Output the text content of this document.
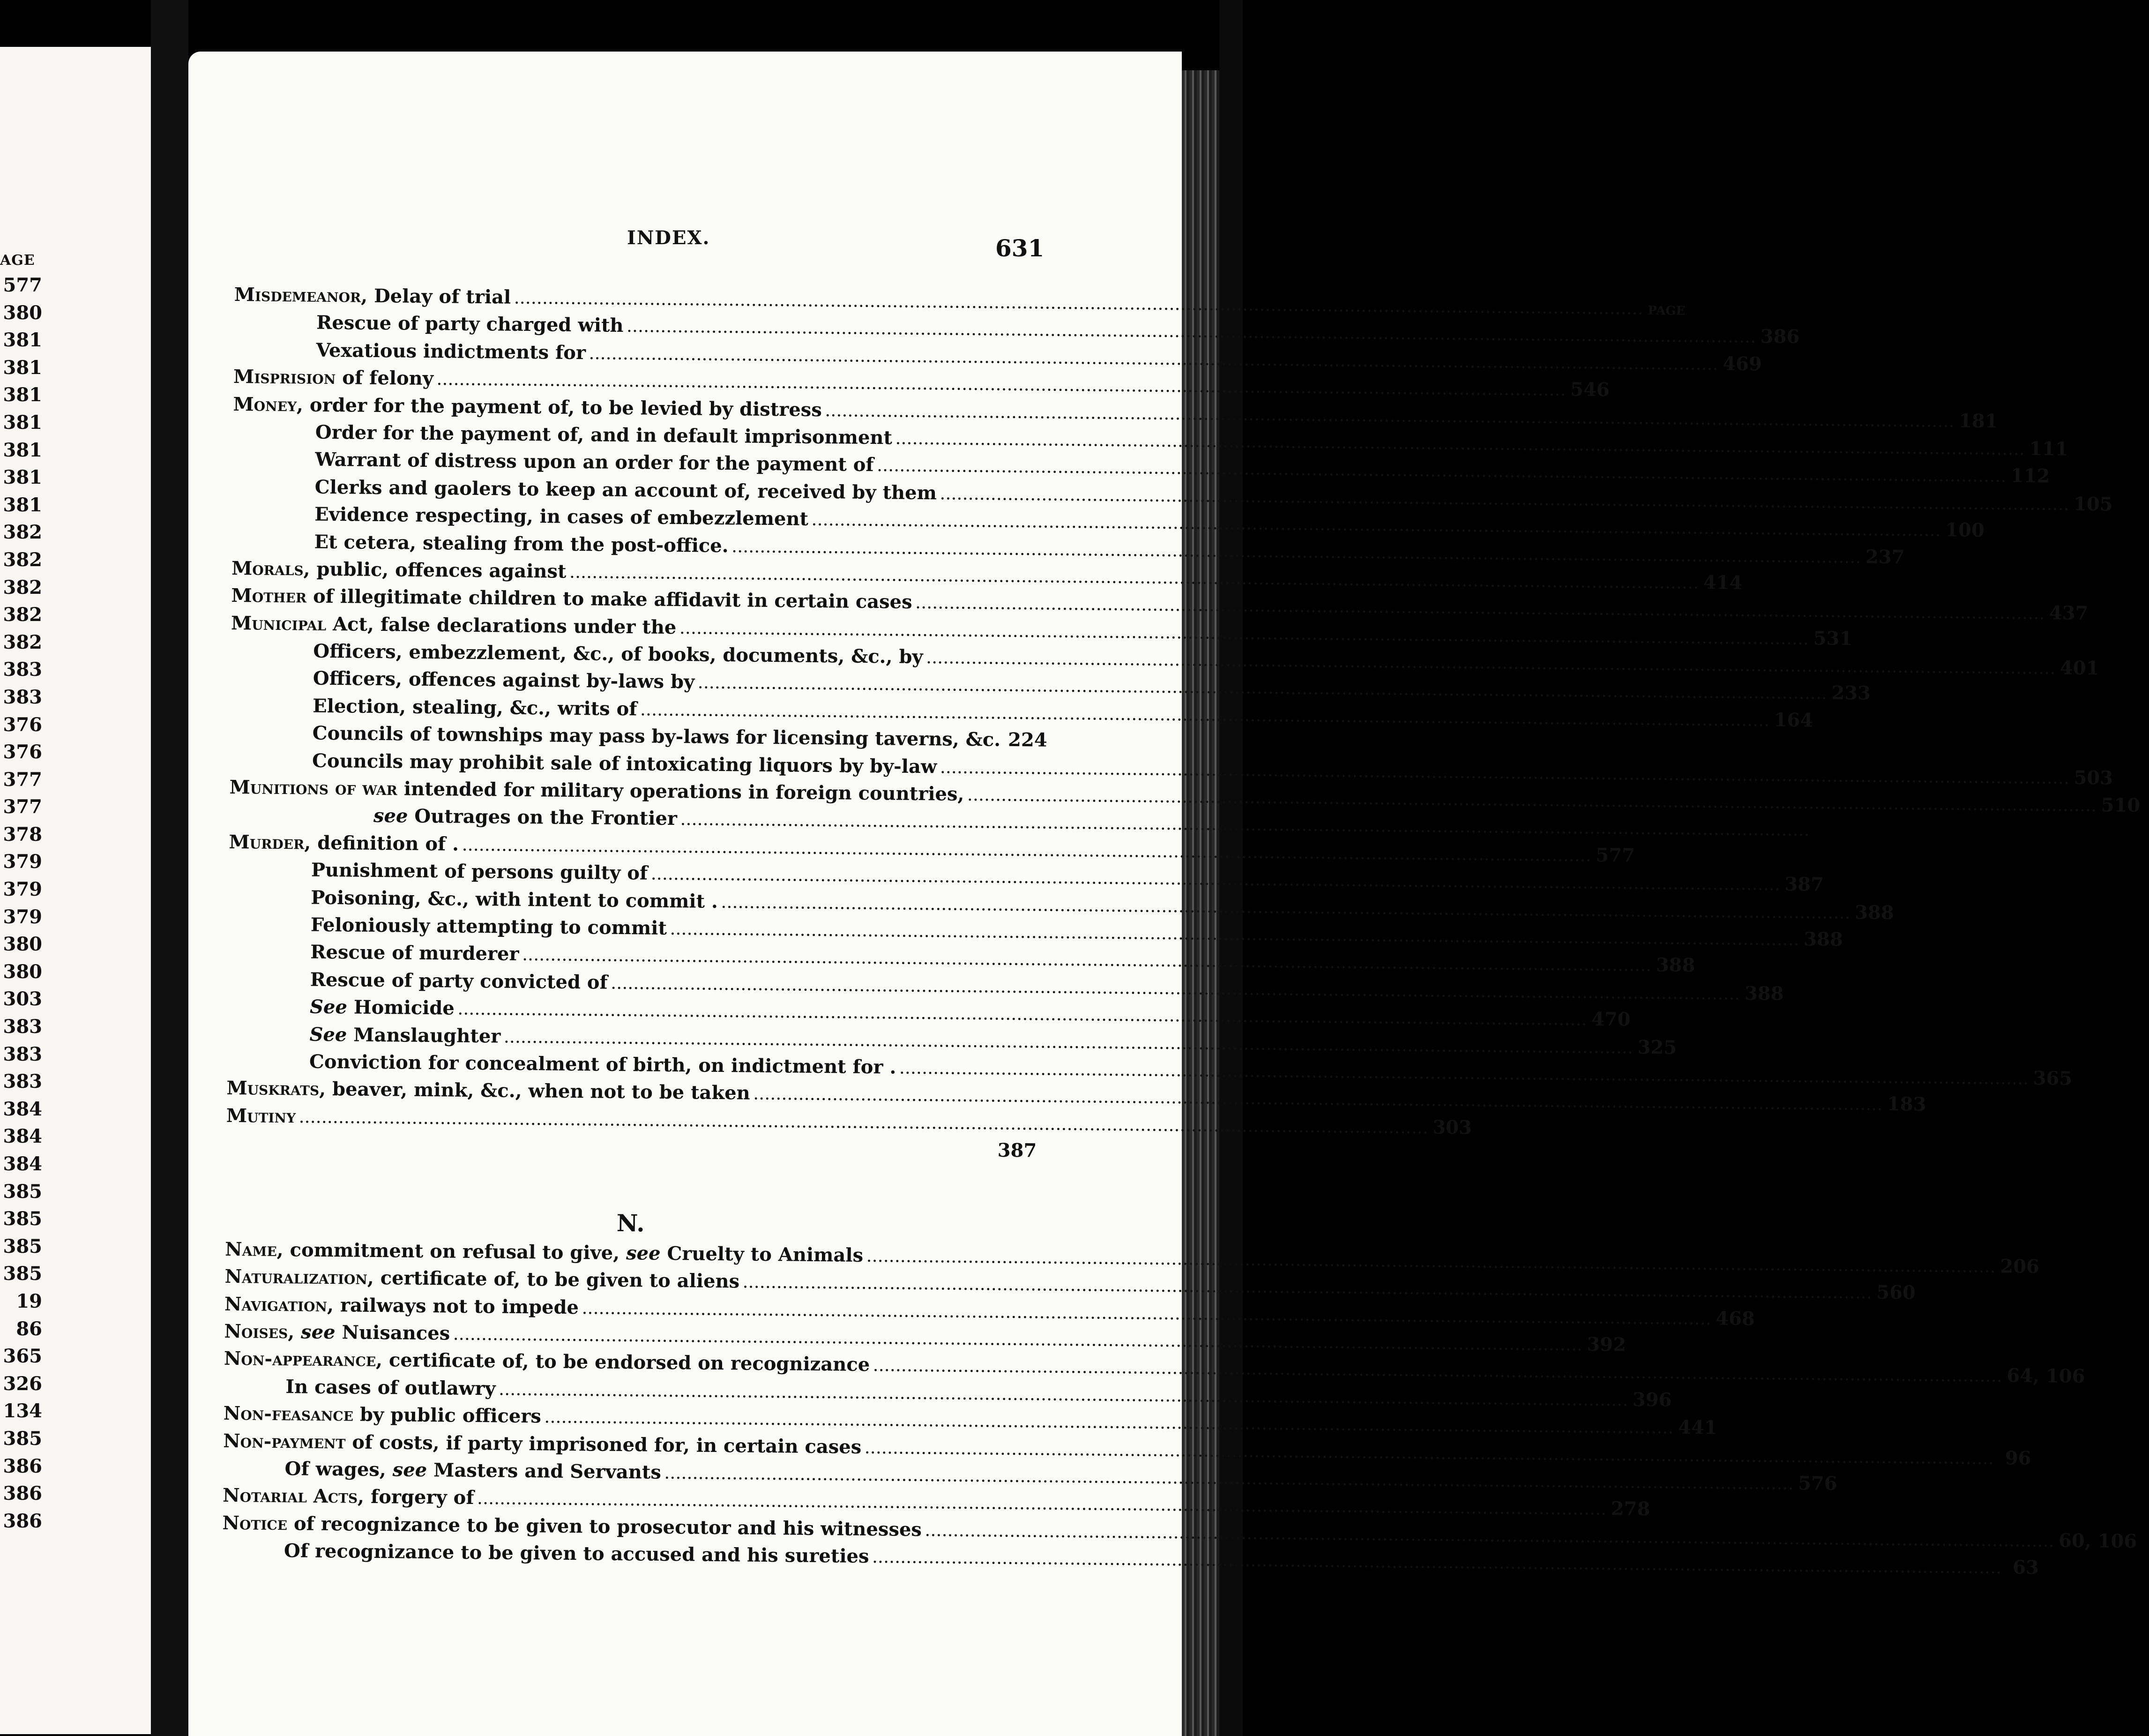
AGE
577
380
381
381
381
381
381
381
381
382
382
382
382
382
383
383
376
376
377
377
378
379
379
379
380
380
303
383
383
383
384
384
384
385
385
385
385
19
86
365
326
134
385
386
386
386
INDEX.	631
Misdemeanor, Delay of trial ........................................................................................................................................................................................................ PAGE
Rescue of party charged with ........................................................................................................................................................................................................ 386
Vexatious indictments for ........................................................................................................................................................................................................ 469
Misprision of felony ........................................................................................................................................................................................................ 546
Money, order for the payment of, to be levied by distress ........................................................................................................................................................................................................ 181
Order for the payment of, and in default imprisonment ........................................................................................................................................................................................................ 111
Warrant of distress upon an order for the payment of ........................................................................................................................................................................................................ 112
Clerks and gaolers to keep an account of, received by them ........................................................................................................................................................................................................ 105
Evidence respecting, in cases of embezzlement ........................................................................................................................................................................................................ 100
Et cetera, stealing from the post-office. ........................................................................................................................................................................................................ 237
Morals, public, offences against ........................................................................................................................................................................................................ 414
Mother of illegitimate children to make affidavit in certain cases ........................................................................................................................................................................................................ 437
Municipal Act, false declarations under the ........................................................................................................................................................................................................ 531
Officers, embezzlement, &c., of books, documents, &c., by ........................................................................................................................................................................................................ 401
Officers, offences against by-laws by ........................................................................................................................................................................................................ 233
Election, stealing, &c., writs of ........................................................................................................................................................................................................ 164
Councils of townships may pass by-laws for licensing taverns, &c. 224
Councils may prohibit sale of intoxicating liquors by by-law ........................................................................................................................................................................................................ 503
Munitions of war intended for military operations in foreign countries, ........................................................................................................................................................................................................ 510
see Outrages on the Frontier ........................................................................................................................................................................................................
Murder, definition of . ........................................................................................................................................................................................................ 577
Punishment of persons guilty of ........................................................................................................................................................................................................ 387
Poisoning, &c., with intent to commit . ........................................................................................................................................................................................................ 388
Feloniously attempting to commit ........................................................................................................................................................................................................ 388
Rescue of murderer ........................................................................................................................................................................................................ 388
Rescue of party convicted of ........................................................................................................................................................................................................ 388
See Homicide ........................................................................................................................................................................................................ 470
See Manslaughter ........................................................................................................................................................................................................ 325
Conviction for concealment of birth, on indictment for . ........................................................................................................................................................................................................ 365
Muskrats, beaver, mink, &c., when not to be taken ........................................................................................................................................................................................................ 183
Mutiny ........................................................................................................................................................................................................ 303
387
N.
Name, commitment on refusal to give, see Cruelty to Animals ........................................................................................................................................................................................................ 206
Naturalization, certificate of, to be given to aliens ........................................................................................................................................................................................................ 560
Navigation, railways not to impede ........................................................................................................................................................................................................ 468
Noises, see Nuisances ........................................................................................................................................................................................................ 392
Non-appearance, certificate of, to be endorsed on recognizance ........................................................................................................................................................................................................ 64, 106
In cases of outlawry ........................................................................................................................................................................................................ 396
Non-feasance by public officers ........................................................................................................................................................................................................ 441
Non-payment of costs, if party imprisoned for, in certain cases ........................................................................................................................................................................................................ 96
Of wages, see Masters and Servants ........................................................................................................................................................................................................ 576
Notarial Acts, forgery of ........................................................................................................................................................................................................ 278
Notice of recognizance to be given to prosecutor and his witnesses ........................................................................................................................................................................................................ 60, 106
Of recognizance to be given to accused and his sureties ........................................................................................................................................................................................................ 63
